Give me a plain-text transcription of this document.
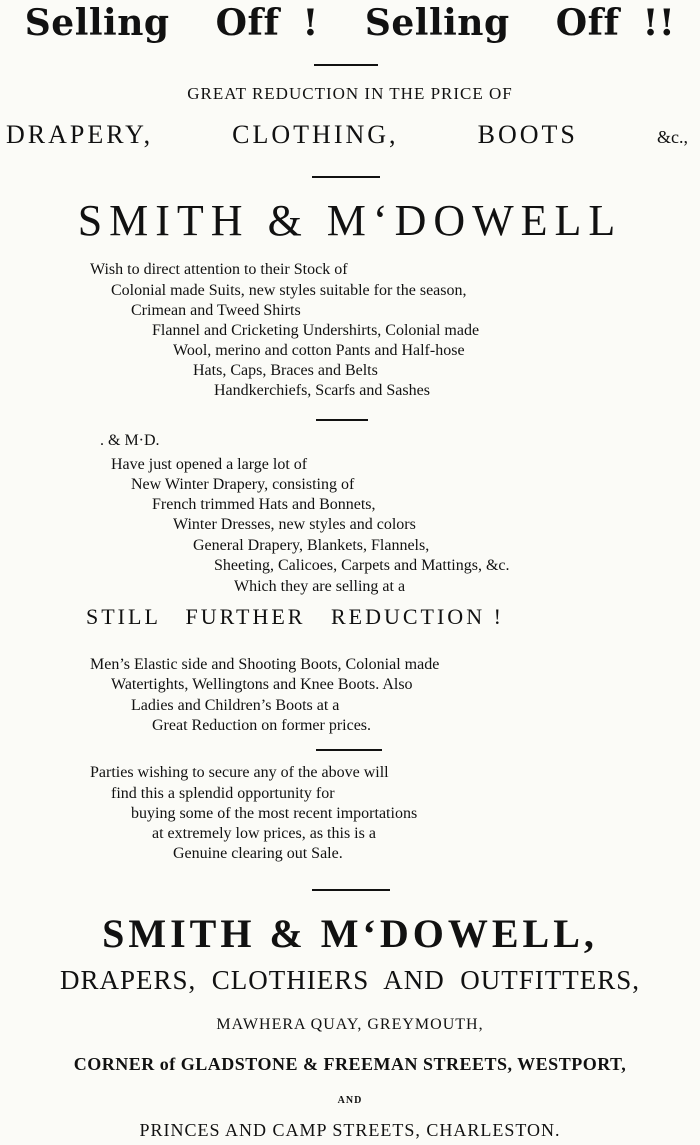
Selling  Off !  Selling  Off !!
GREAT REDUCTION IN THE PRICE OF
DRAPERY,	CLOTHING,	BOOTS	&c.,
SMITH & M‘DOWELL
Wish to direct attention to their Stock of
Colonial made Suits, new styles suitable for the season,
Crimean and Tweed Shirts
Flannel and Cricketing Undershirts, Colonial made
Wool, merino and cotton Pants and Half-hose
Hats, Caps, Braces and Belts
Handkerchiefs, Scarfs and Sashes
. & M·D.
Have just opened a large lot of
New Winter Drapery, consisting of
French trimmed Hats and Bonnets,
Winter Dresses, new styles and colors
General Drapery, Blankets, Flannels,
Sheeting, Calicoes, Carpets and Mattings, &c.
Which they are selling at a
STILL   FURTHER   REDUCTION !
Men’s Elastic side and Shooting Boots, Colonial made
Watertights, Wellingtons and Knee Boots. Also
Ladies and Children’s Boots at a
Great Reduction on former prices.
Parties wishing to secure any of the above will
find this a splendid opportunity for
buying some of the most recent importations
at extremely low prices, as this is a
Genuine clearing out Sale.
SMITH & M‘DOWELL,
DRAPERS,  CLOTHIERS  AND  OUTFITTERS,
MAWHERA QUAY, GREYMOUTH,
CORNER of GLADSTONE & FREEMAN STREETS, WESTPORT,
AND
PRINCES AND CAMP STREETS, CHARLESTON.
